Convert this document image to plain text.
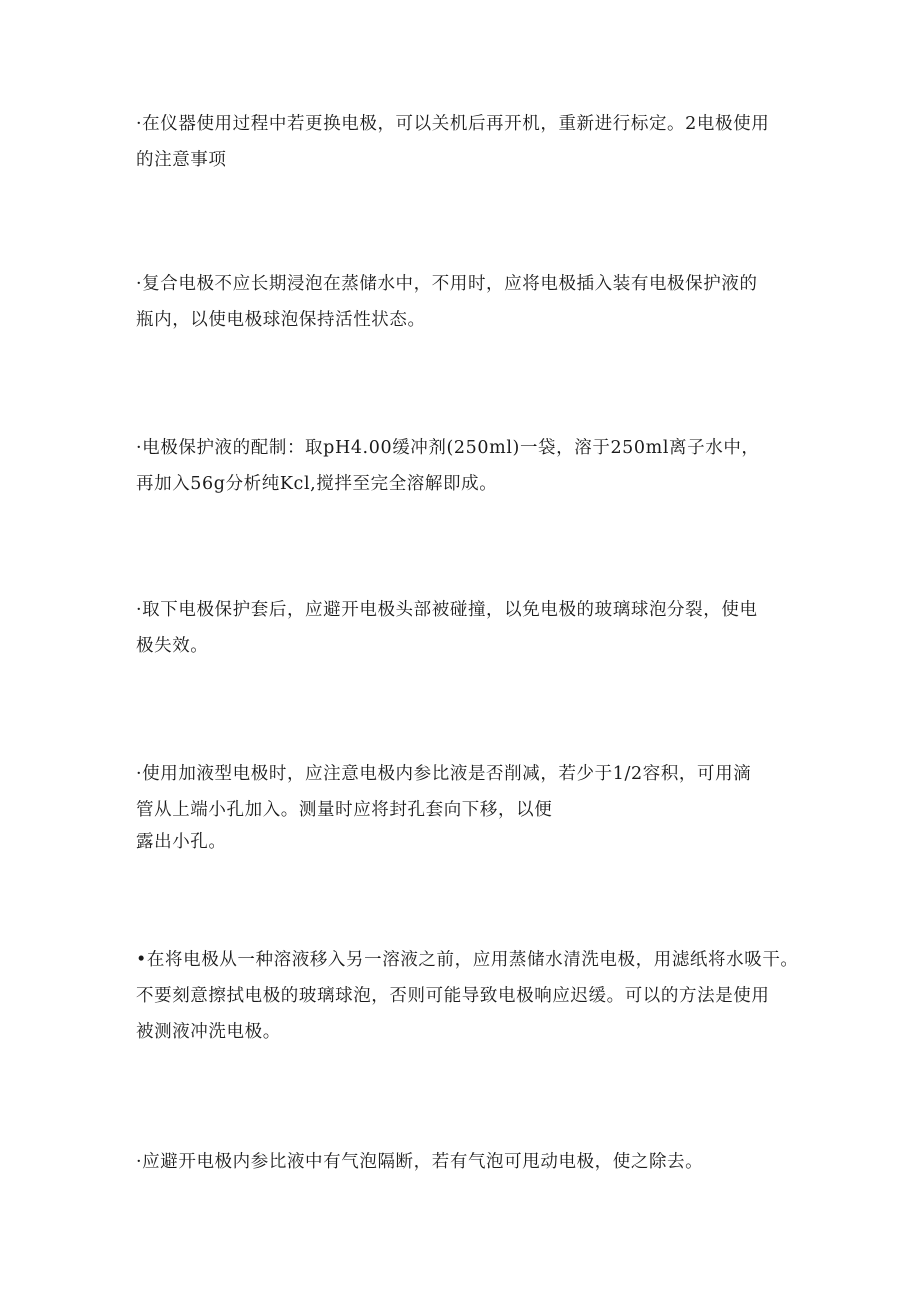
·在仪器使用过程中若更换电极，可以关机后再开机，重新进行标定。2电极使用
的注意事项

·复合电极不应长期浸泡在蒸储水中，不用时，应将电极插入装有电极保护液的
瓶内，以使电极球泡保持活性状态。

·电极保护液的配制：取pH4.00缓冲剂(250ml)一袋，溶于250ml离子水中，
再加入56g分析纯Kcl,搅拌至完全溶解即成。

·取下电极保护套后，应避开电极头部被碰撞，以免电极的玻璃球泡分裂，使电
极失效。

·使用加液型电极时，应注意电极内参比液是否削减，若少于1/2容积，可用滴
管从上端小孔加入。测量时应将封孔套向下移，以便
露出小孔。

•在将电极从一种溶液移入另一溶液之前，应用蒸储水清洗电极，用滤纸将水吸干。
不要刻意擦拭电极的玻璃球泡，否则可能导致电极响应迟缓。可以的方法是使用
被测液冲洗电极。

·应避开电极内参比液中有气泡隔断，若有气泡可甩动电极，使之除去。
